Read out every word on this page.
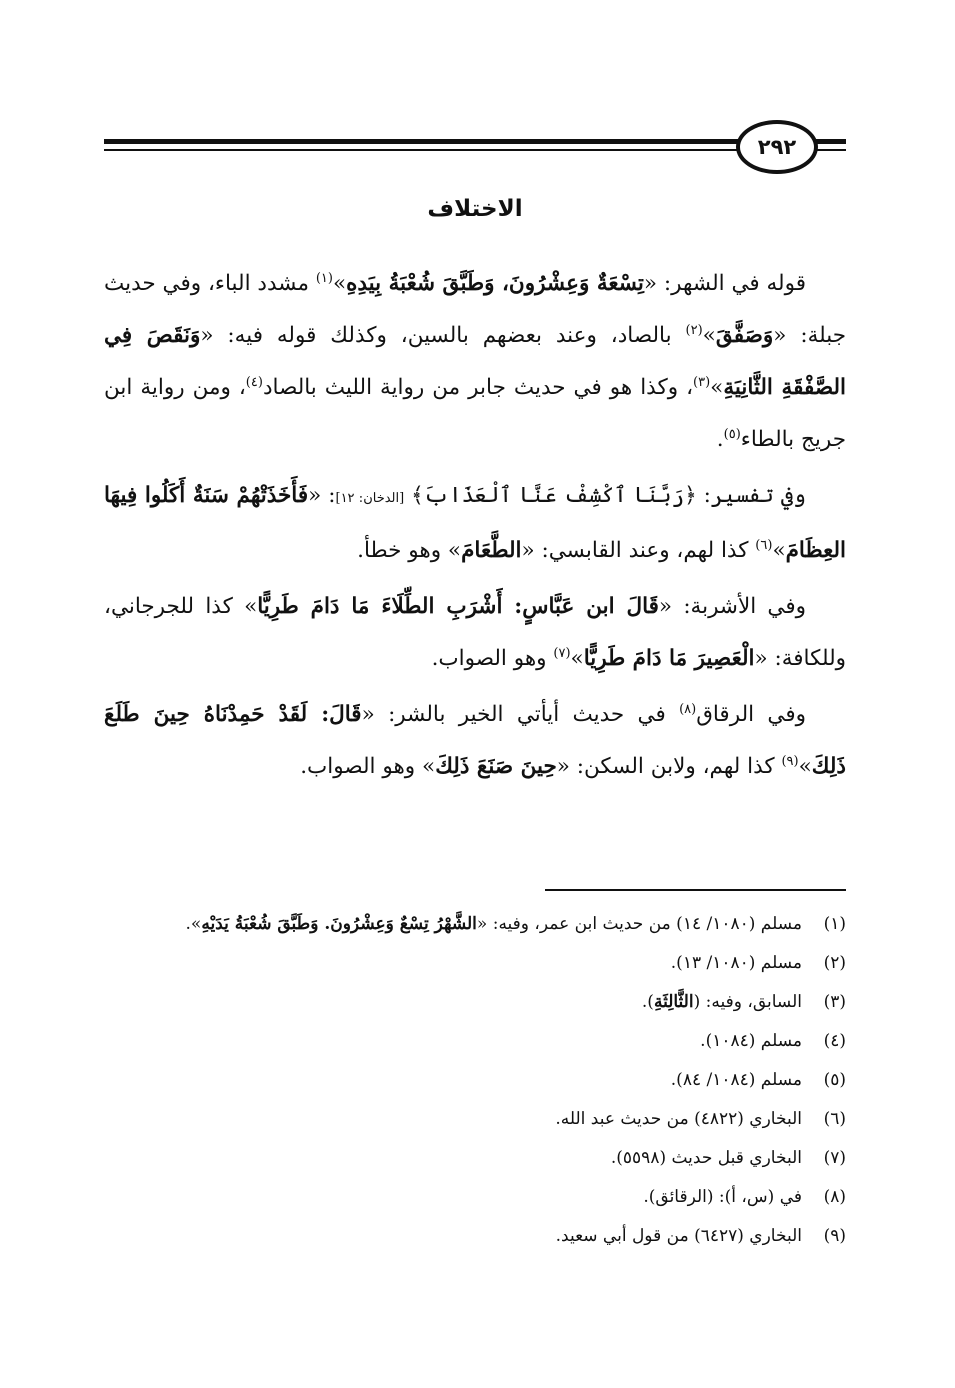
٢٩٢
الاختلاف

قوله في الشهر: «تِسْعَةٌ وَعِشْرُونَ، وَطَبَّقَ شُعْبَةُ بِيَدِهِ»$^{(١)}$ مشدد الباء، وفي حديث جبلة: «وَصَفَّقَ»$^{(٢)}$ بالصاد، وعند بعضهم بالسين، وكذلك قوله فيه: «وَنَقَصَ فِي الصَّفْقَةِ الثَّانِيَةِ»$^{(٣)}$، وكذا هو في حديث جابر من رواية الليث بالصاد$^{(٤)}$، ومن رواية ابن جريج بالطاء$^{(٥)}$.

وفي تفسير: ﴿رَبَّنَا ٱكْشِفْ عَنَّا ٱلْعَذَابَ﴾ [الدخان: ١٢]: «فَأَخَذَتْهُمْ سَنَةٌ أَكَلُوا فِيهَا العِظَامَ»$^{(٦)}$ كذا لهم، وعند القابسي: «الطَّعَامَ» وهو خطأ.

وفي الأشربة: «قَالَ ابن عَبَّاسٍ: أَشْرَبِ الطِّلَاءَ مَا دَامَ طَرِيًّا» كذا للجرجاني، وللكافة: «الْعَصِيرَ مَا دَامَ طَرِيًّا»$^{(٧)}$ وهو الصواب.

وفي الرقاق$^{(٨)}$ في حديث أيأتي الخير بالشر: «قَالَ: لَقَدْ حَمِدْنَاهُ حِينَ طَلَعَ ذَلِكَ»$^{(٩)}$ كذا لهم، ولابن السكن: «حِينَ صَنَعَ ذَلِكَ» وهو الصواب.

(١)
مسلم (١٠٨٠/ ١٤) من حديث ابن عمر، وفيه: «الشَّهْرُ تِسْعٌ وَعِشْرُونَ. وَطَبَّقَ شُعْبَةُ يَدَيْهِ».
(٢)
مسلم (١٠٨٠/ ١٣).
(٣)
السابق، وفيه: (الثَّالِثَةِ).
(٤)
مسلم (١٠٨٤).
(٥)
مسلم (١٠٨٤/ ٨٤).
(٦)
البخاري (٤٨٢٢) من حديث عبد الله.
(٧)
البخاري قبل حديث (٥٥٩٨).
(٨)
في (س، أ): (الرقائق).
(٩)
البخاري (٦٤٢٧) من قول أبي سعيد.
